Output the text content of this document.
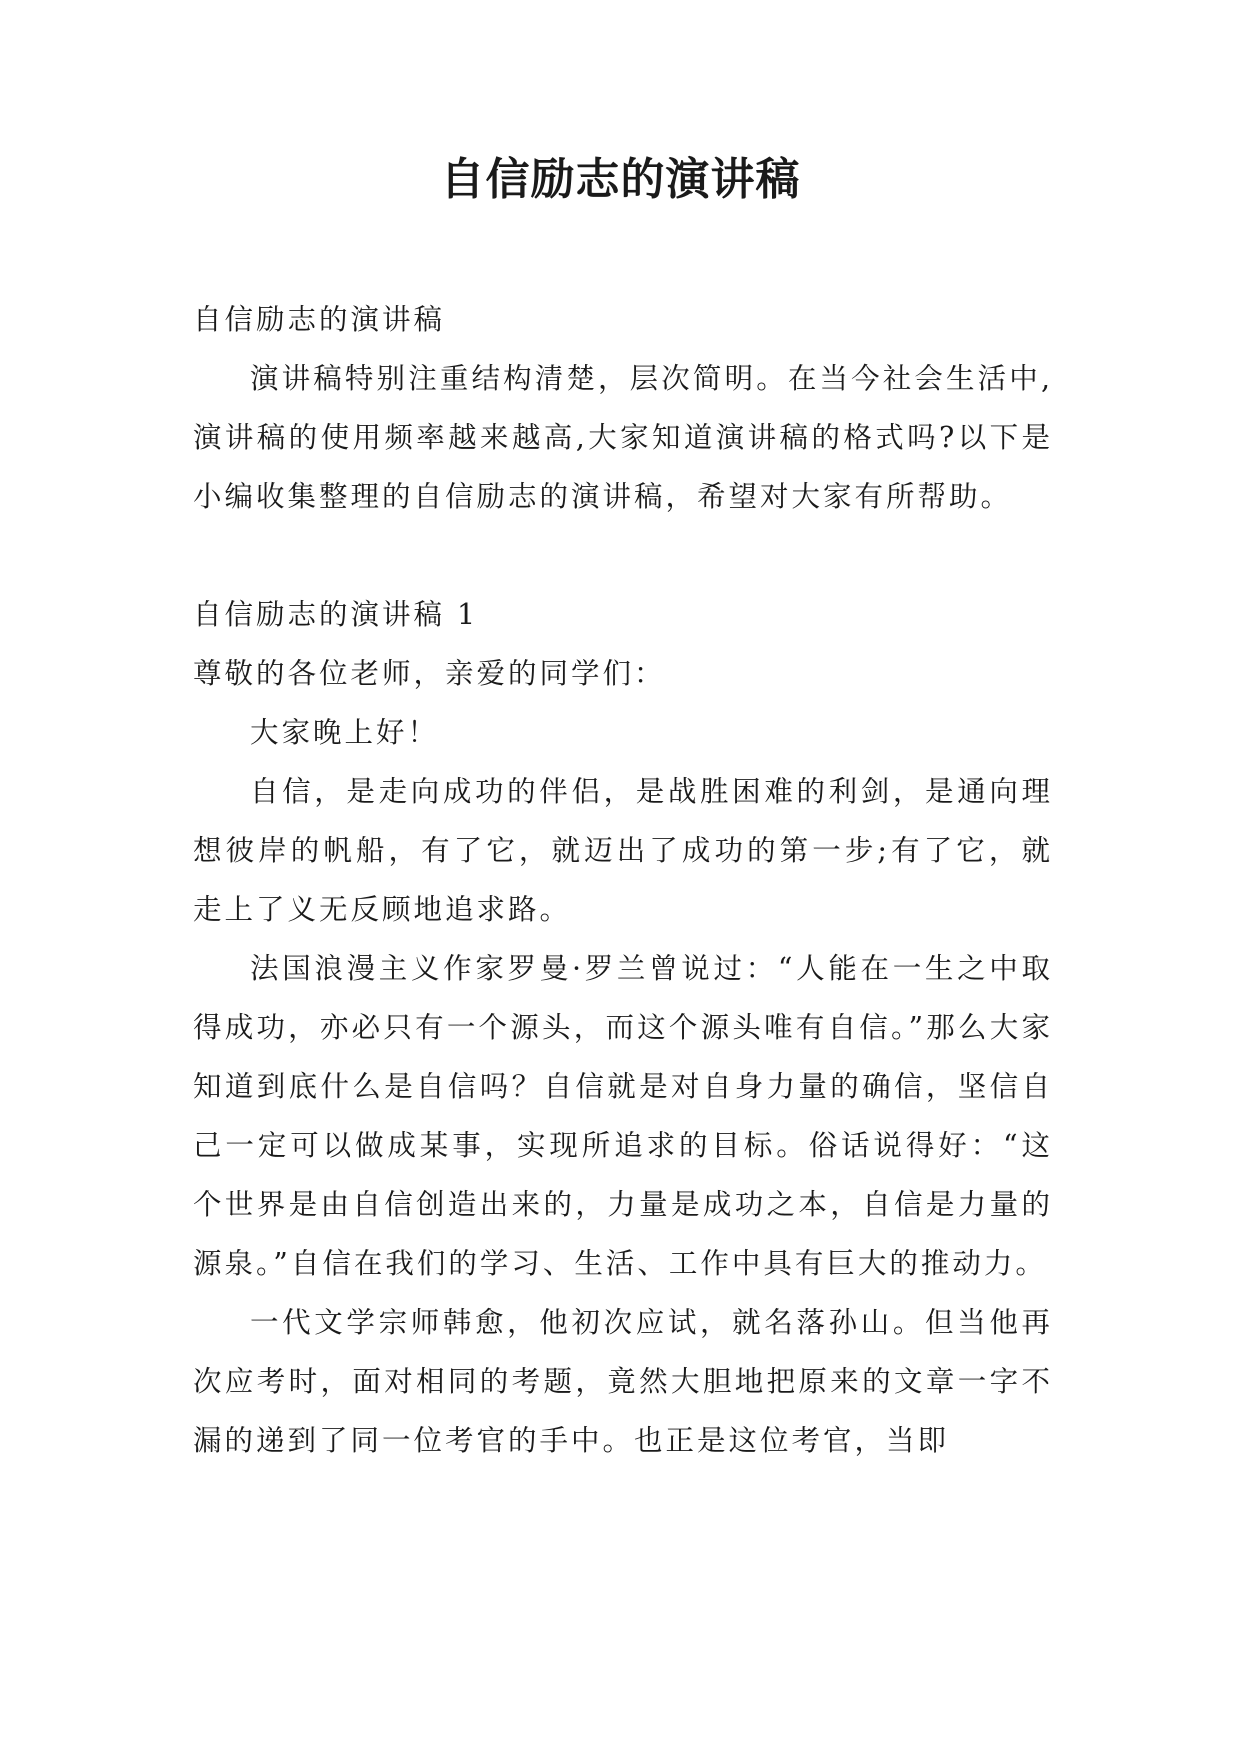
自信励志的演讲稿

自信励志的演讲稿

演讲稿特别注重结构清楚，层次简明。在当今社会生活中,演讲稿的使用频率越来越高,大家知道演讲稿的格式吗?以下是小编收集整理的自信励志的演讲稿，希望对大家有所帮助。

自信励志的演讲稿 1

尊敬的各位老师，亲爱的同学们：

大家晚上好！

自信，是走向成功的伴侣，是战胜困难的利剑，是通向理想彼岸的帆船，有了它，就迈出了成功的第一步;有了它，就走上了义无反顾地追求路。

法国浪漫主义作家罗曼·罗兰曾说过：“人能在一生之中取得成功，亦必只有一个源头，而这个源头唯有自信。”那么大家知道到底什么是自信吗？自信就是对自身力量的确信，坚信自己一定可以做成某事，实现所追求的目标。俗话说得好：“这个世界是由自信创造出来的，力量是成功之本，自信是力量的源泉。”自信在我们的学习、生活、工作中具有巨大的推动力。

一代文学宗师韩愈，他初次应试，就名落孙山。但当他再次应考时，面对相同的考题，竟然大胆地把原来的文章一字不漏的递到了同一位考官的手中。也正是这位考官，当即
